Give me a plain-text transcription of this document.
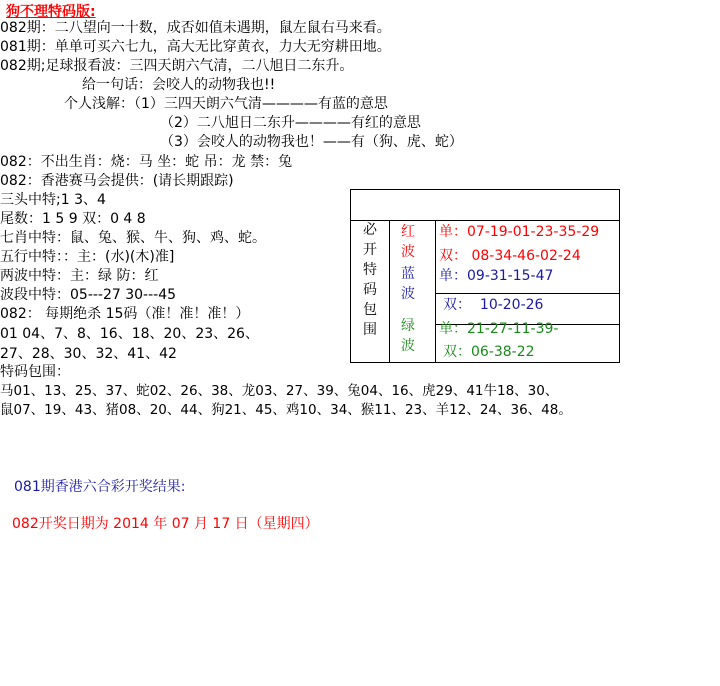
狗不理特码版:
082期：二八望向一十数，成否如值未遇期，鼠左鼠右马来看。
081期：单单可买六七九，高大无比穿黄衣，力大无穷耕田地。
082期;足球报看波：三四天朗六气清，二八旭日二东升。
给一句话：会咬人的动物我也!!
个人浅解：（1）三四天朗六气清————有蓝的意思
（2）二八旭日二东升————有红的意思
（3）会咬人的动物我也！——有（狗、虎、蛇）
082：不出生肖：烧：马 坐：蛇 吊：龙 禁：兔
082：香港赛马会提供：(请长期跟踪)
三头中特;1 3、4
尾数：1 5 9 双：0 4 8
七肖中特：鼠、兔、猴、牛、狗、鸡、蛇。
五行中特：：主：(水)(木)准]
两波中特：主：绿 防：红
波段中特：05---27 30---45
082： 每期绝杀 15码（准！准！准！）
01 04、7、8、16、18、20、23、26、
27、28、30、32、41、42
特码包围：
马01、13、25、37、蛇02、26、38、龙03、27、39、兔04、16、虎29、41牛18、30、
鼠07、19、43、猪08、20、44、狗21、45、鸡10、34、猴11、23、羊12、24、36、48。
081期香港六合彩开奖结果:
082开奖日期为 2014 年 07 月 17 日（星期四）
必开特码包围
红波
蓝波
绿波
单：07-19-01-23-35-29
双： 08-34-46-02-24
单：09-31-15-47
双： 10-20-26
单：21-27-11-39-
双：06-38-22
